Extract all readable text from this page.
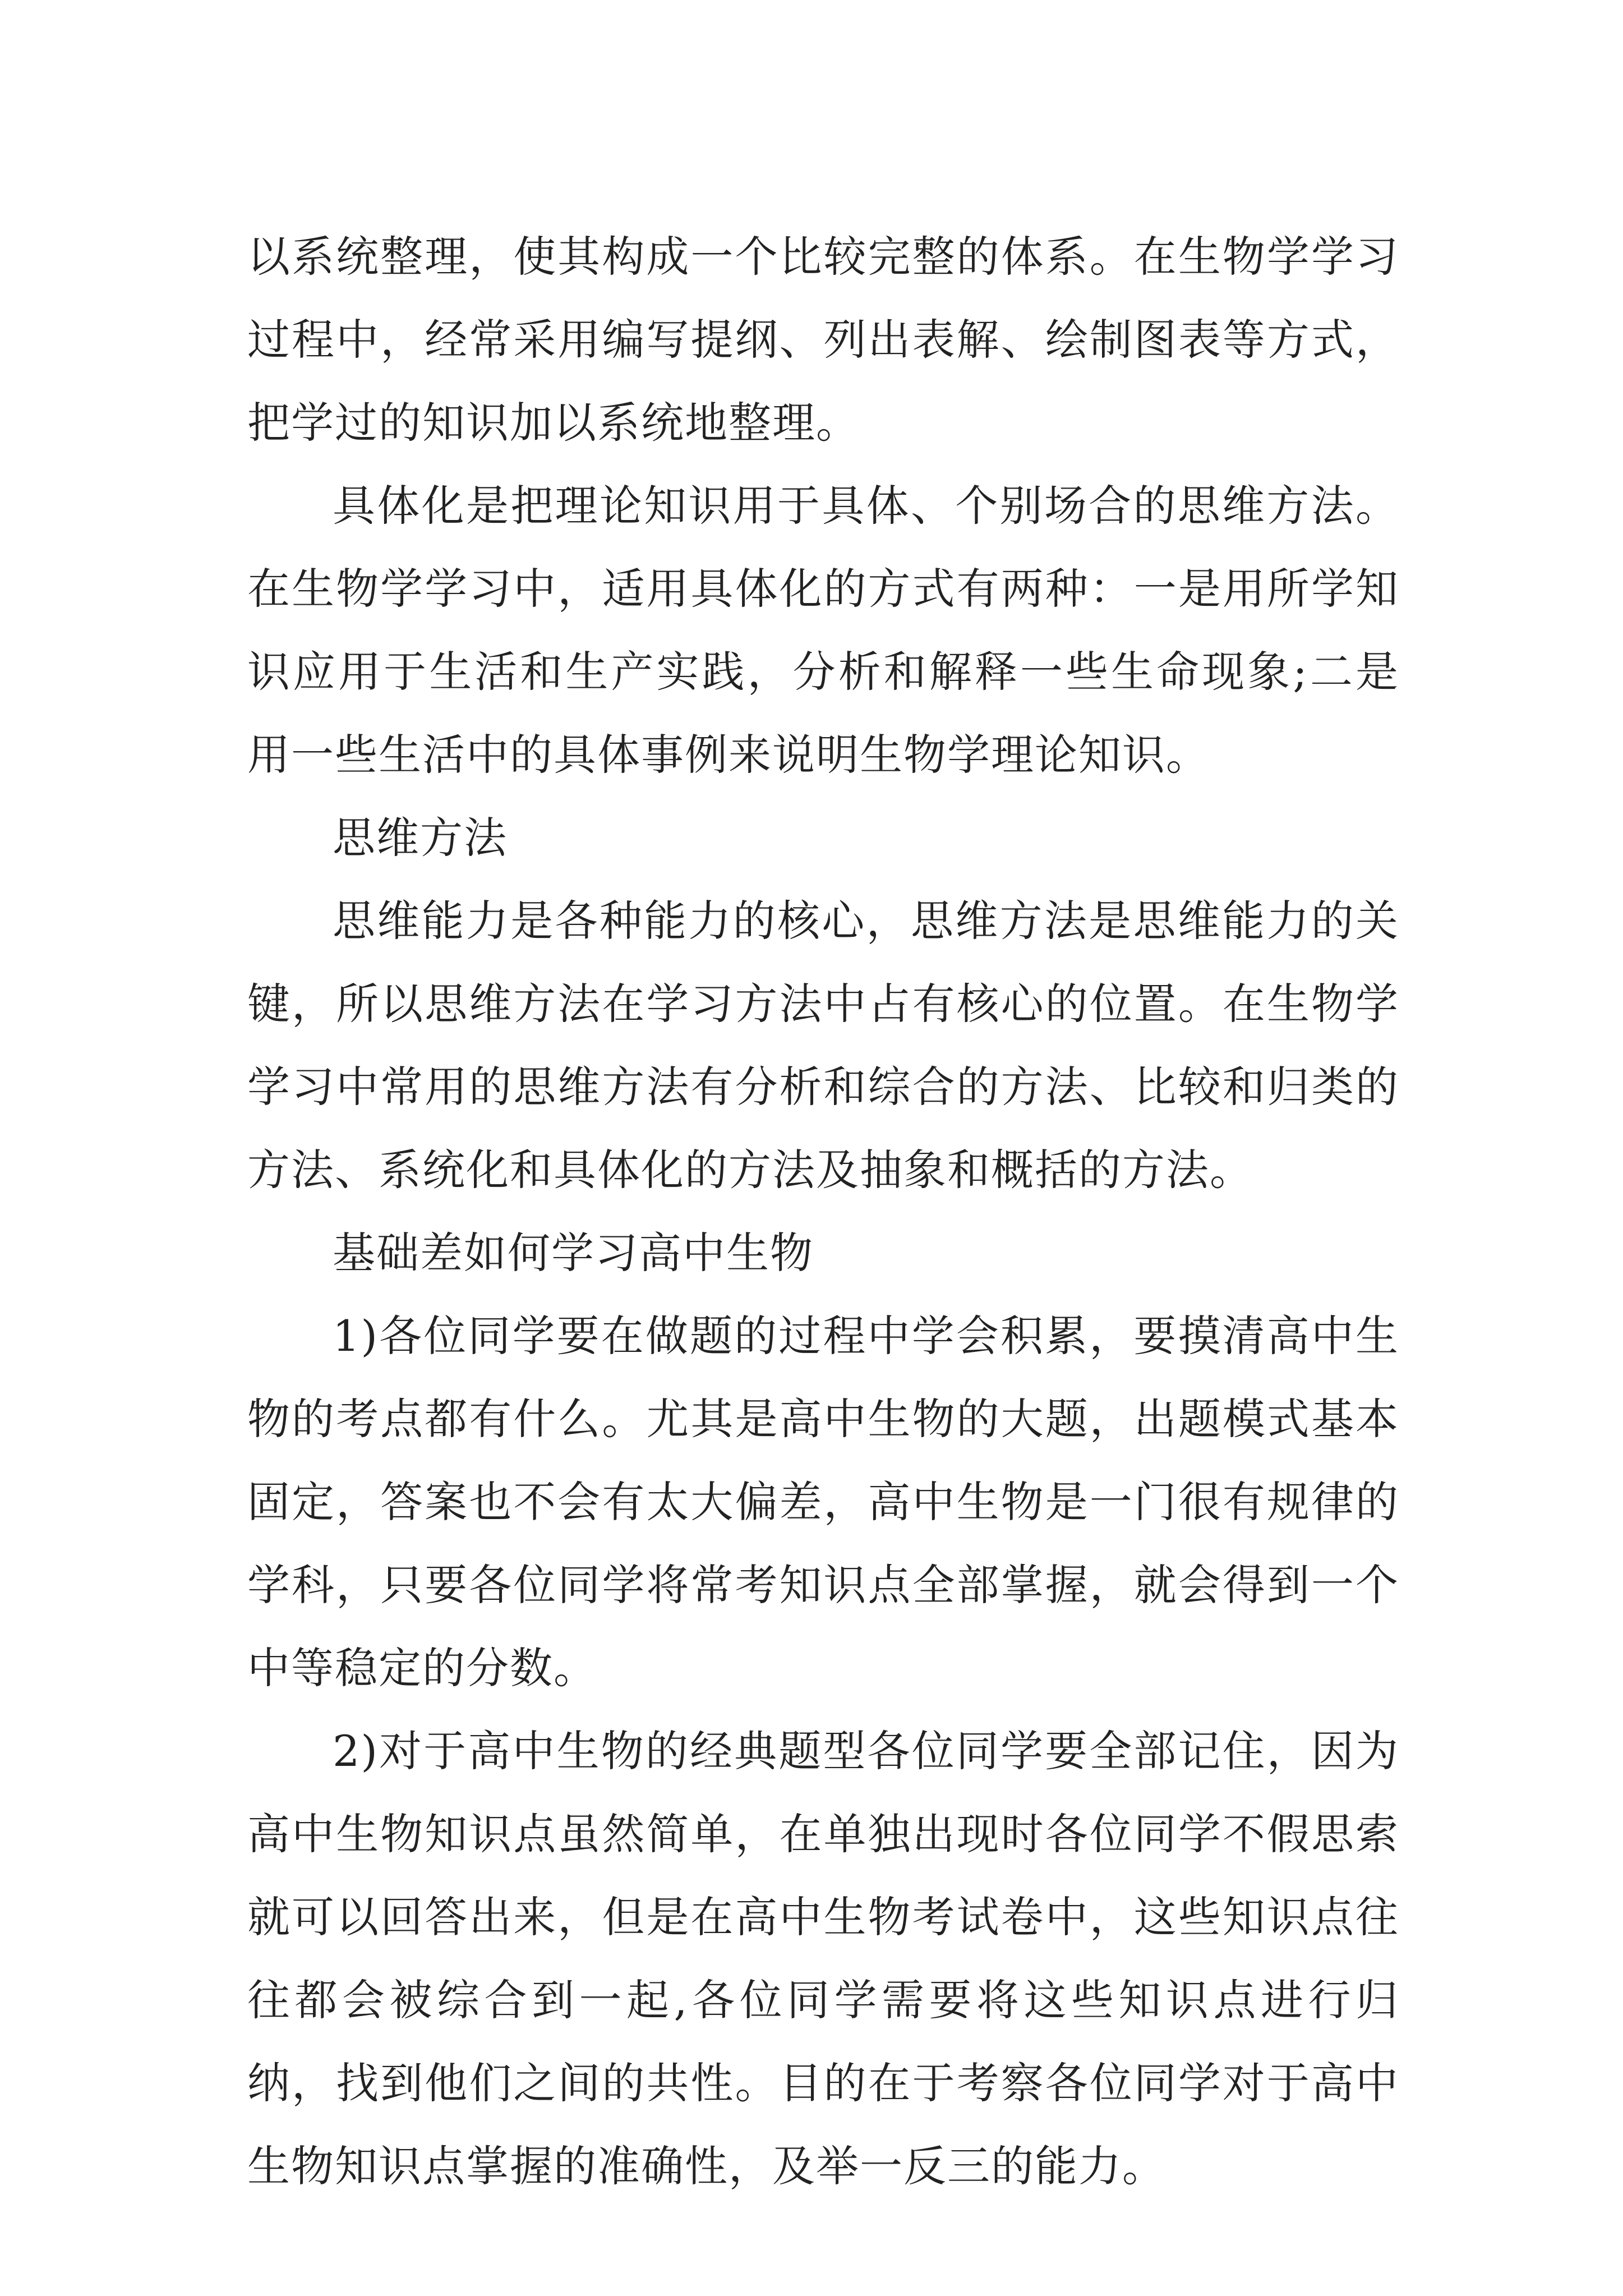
以系统整理，使其构成一个比较完整的体系。在生物学学习过程中，经常采用编写提纲、列出表解、绘制图表等方式，把学过的知识加以系统地整理。

具体化是把理论知识用于具体、个别场合的思维方法。在生物学学习中，适用具体化的方式有两种：一是用所学知识应用于生活和生产实践，分析和解释一些生命现象;二是用一些生活中的具体事例来说明生物学理论知识。

思维方法

思维能力是各种能力的核心，思维方法是思维能力的关键，所以思维方法在学习方法中占有核心的位置。在生物学学习中常用的思维方法有分析和综合的方法、比较和归类的方法、系统化和具体化的方法及抽象和概括的方法。

基础差如何学习高中生物

1)各位同学要在做题的过程中学会积累，要摸清高中生物的考点都有什么。尤其是高中生物的大题，出题模式基本固定，答案也不会有太大偏差，高中生物是一门很有规律的学科，只要各位同学将常考知识点全部掌握，就会得到一个中等稳定的分数。

2)对于高中生物的经典题型各位同学要全部记住，因为高中生物知识点虽然简单，在单独出现时各位同学不假思索就可以回答出来，但是在高中生物考试卷中，这些知识点往往都会被综合到一起,各位同学需要将这些知识点进行归纳，找到他们之间的共性。目的在于考察各位同学对于高中生物知识点掌握的准确性，及举一反三的能力。
